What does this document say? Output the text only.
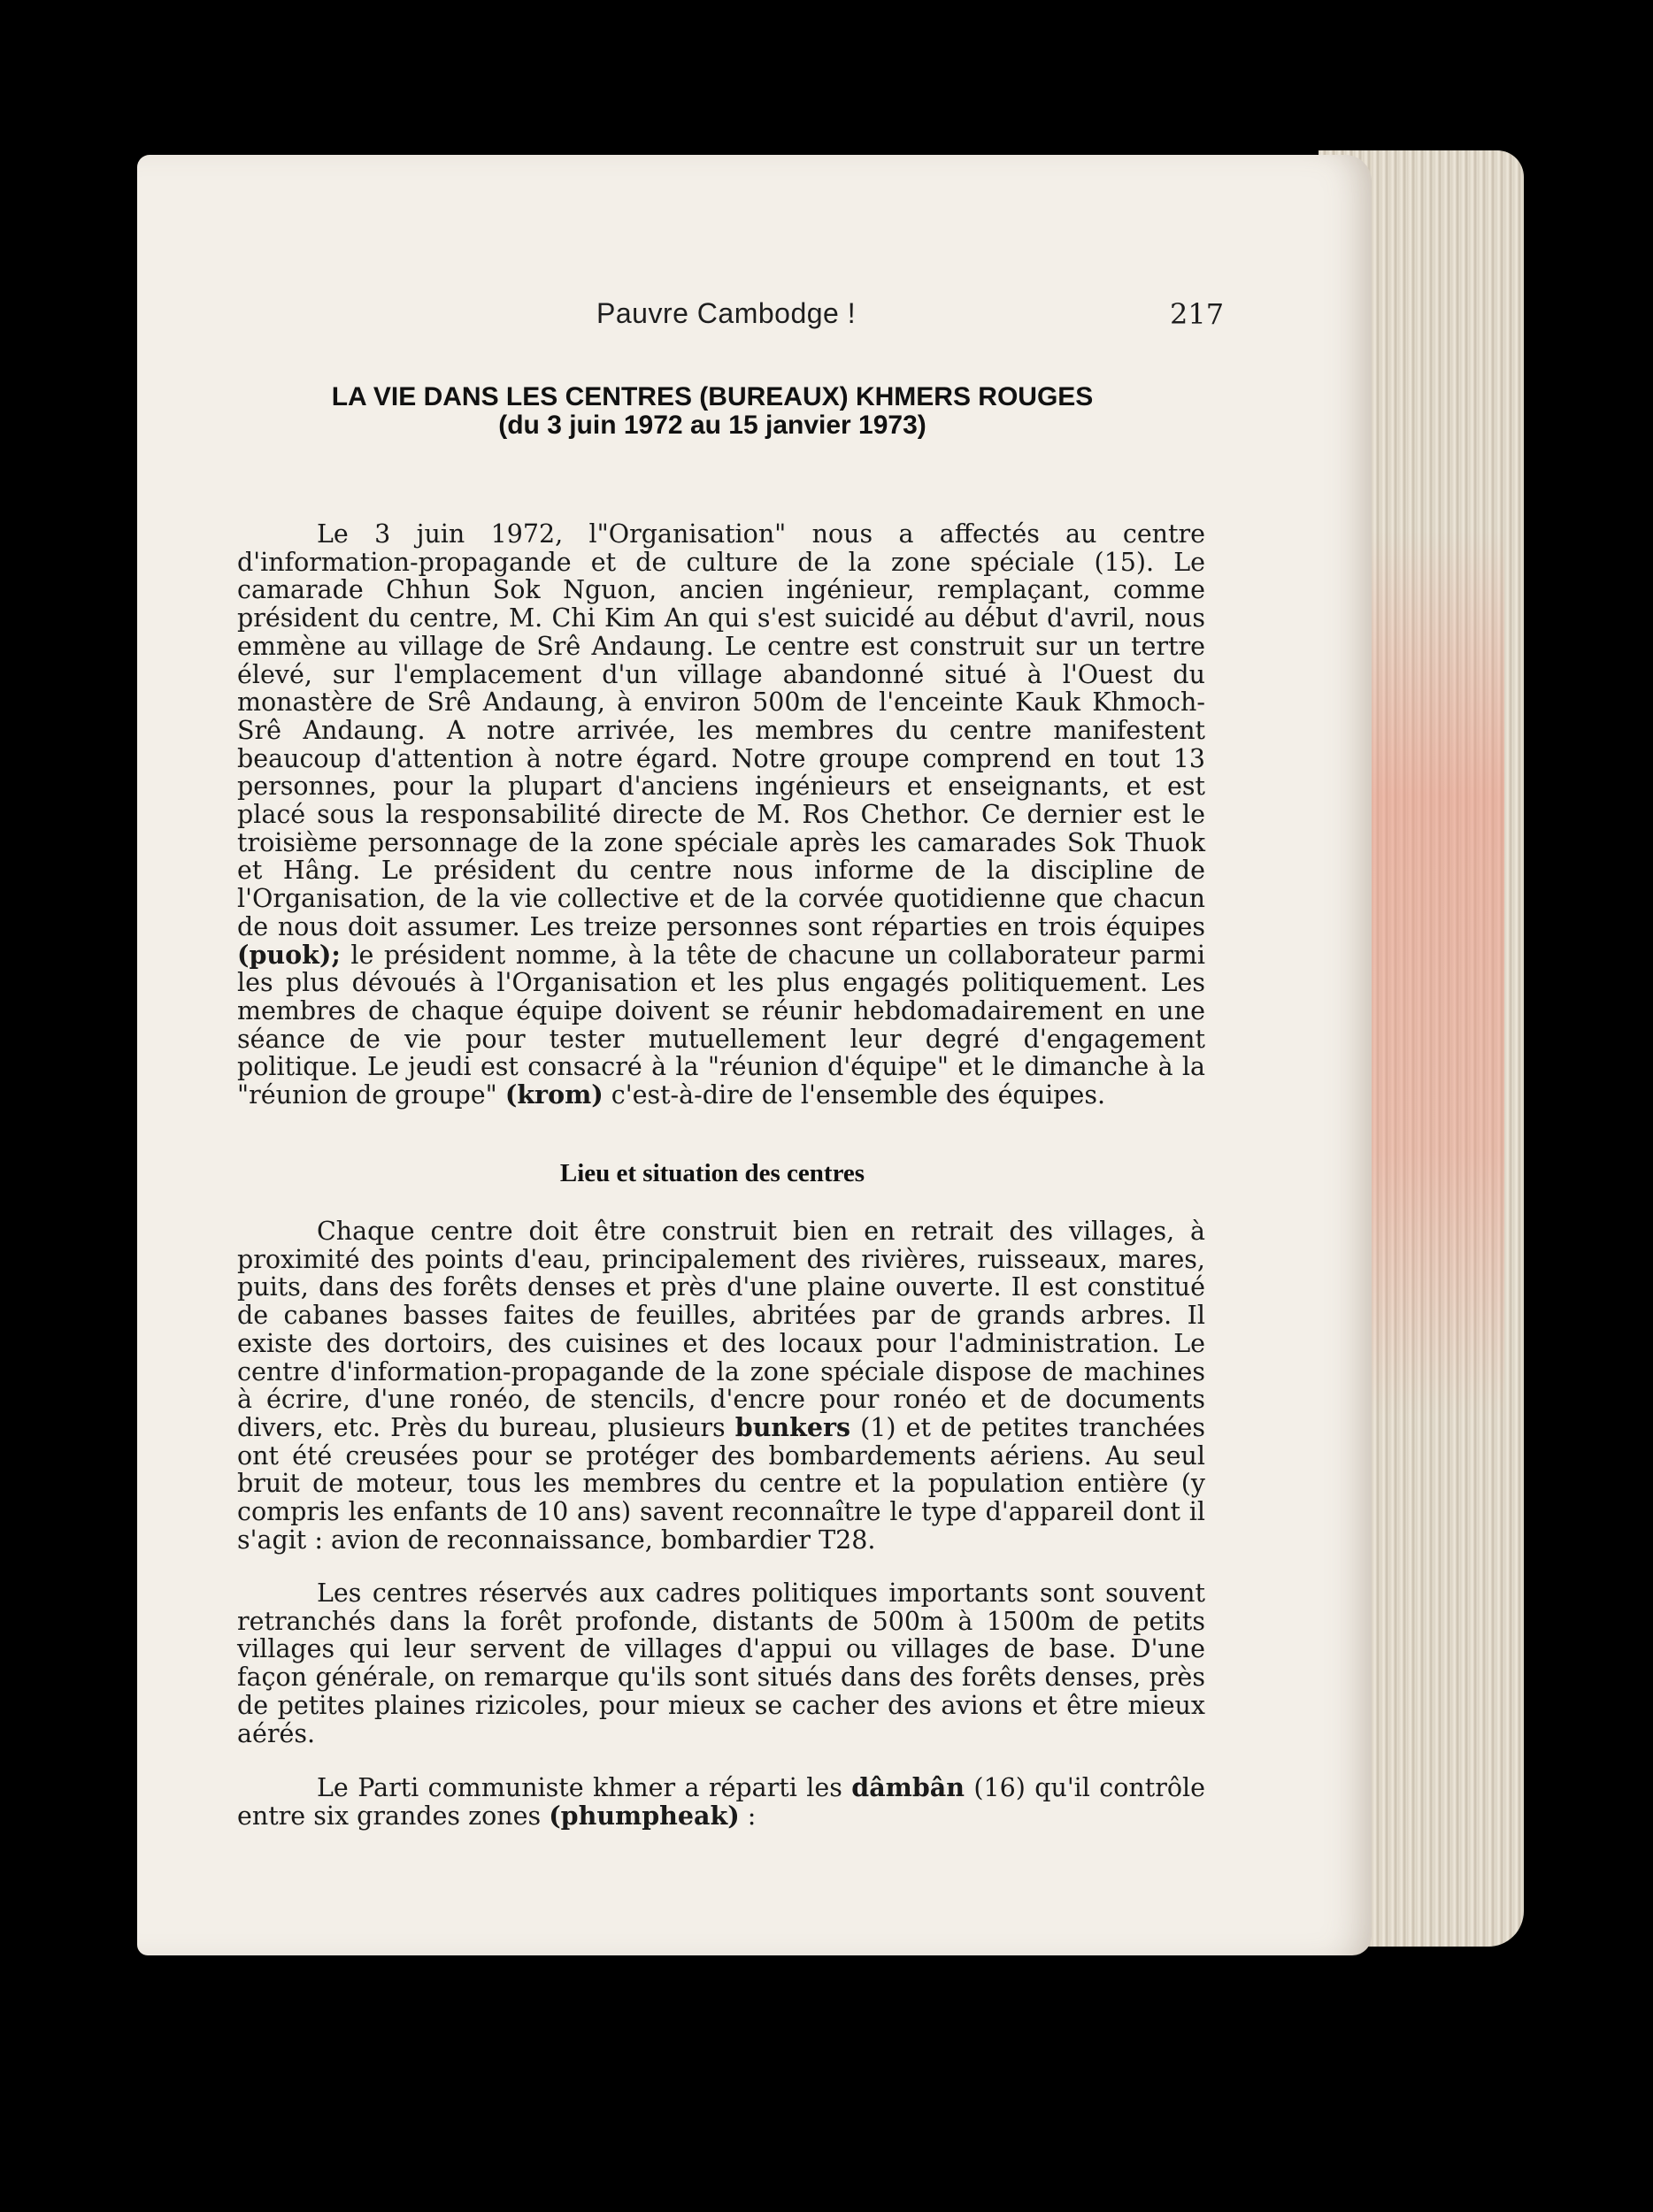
Pauvre Cambodge !	217
LA VIE DANS LES CENTRES (BUREAUX) KHMERS ROUGES
(du 3 juin 1972 au 15 janvier 1973)

Le 3 juin 1972, l"Organisation" nous a affectés au centre d'information-propagande et de culture de la zone spéciale (15). Le camarade Chhun Sok Nguon, ancien ingénieur, remplaçant, comme président du centre, M. Chi Kim An qui s'est suicidé au début d'avril, nous emmène au village de Srê Andaung. Le centre est construit sur un tertre élevé, sur l'emplacement d'un village abandonné situé à l'Ouest du monastère de Srê Andaung, à environ 500m de l'enceinte Kauk Khmoch-Srê Andaung. A notre arrivée, les membres du centre manifestent beaucoup d'attention à notre égard. Notre groupe comprend en tout 13 personnes, pour la plupart d'anciens ingénieurs et enseignants, et est placé sous la responsabilité directe de M. Ros Chethor. Ce dernier est le troisième personnage de la zone spéciale après les camarades Sok Thuok et Hâng. Le président du centre nous informe de la discipline de l'Organisation, de la vie collective et de la corvée quotidienne que chacun de nous doit assumer. Les treize personnes sont réparties en trois équipes (puok); le président nomme, à la tête de chacune un collaborateur parmi les plus dévoués à l'Organisation et les plus engagés politiquement. Les membres de chaque équipe doivent se réunir hebdomadairement en une séance de vie pour tester mutuellement leur degré d'engagement politique. Le jeudi est consacré à la "réunion d'équipe" et le dimanche à la "réunion de groupe" (krom) c'est-à-dire de l'ensemble des équipes.

Lieu et situation des centres

Chaque centre doit être construit bien en retrait des villages, à proximité des points d'eau, principalement des rivières, ruisseaux, mares, puits, dans des forêts denses et près d'une plaine ouverte. Il est constitué de cabanes basses faites de feuilles, abritées par de grands arbres. Il existe des dortoirs, des cuisines et des locaux pour l'administration. Le centre d'information-propagande de la zone spéciale dispose de machines à écrire, d'une ronéo, de stencils, d'encre pour ronéo et de documents divers, etc. Près du bureau, plusieurs bunkers (1) et de petites tranchées ont été creusées pour se protéger des bombardements aériens. Au seul bruit de moteur, tous les membres du centre et la population entière (y compris les enfants de 10 ans) savent reconnaître le type d'appareil dont il s'agit : avion de reconnaissance, bombardier T28.

Les centres réservés aux cadres politiques importants sont souvent retranchés dans la forêt profonde, distants de 500m à 1500m de petits villages qui leur servent de villages d'appui ou villages de base. D'une façon générale, on remarque qu'ils sont situés dans des forêts denses, près de petites plaines rizicoles, pour mieux se cacher des avions et être mieux aérés.

Le Parti communiste khmer a réparti les dâmbân (16) qu'il contrôle entre six grandes zones (phumpheak) :
